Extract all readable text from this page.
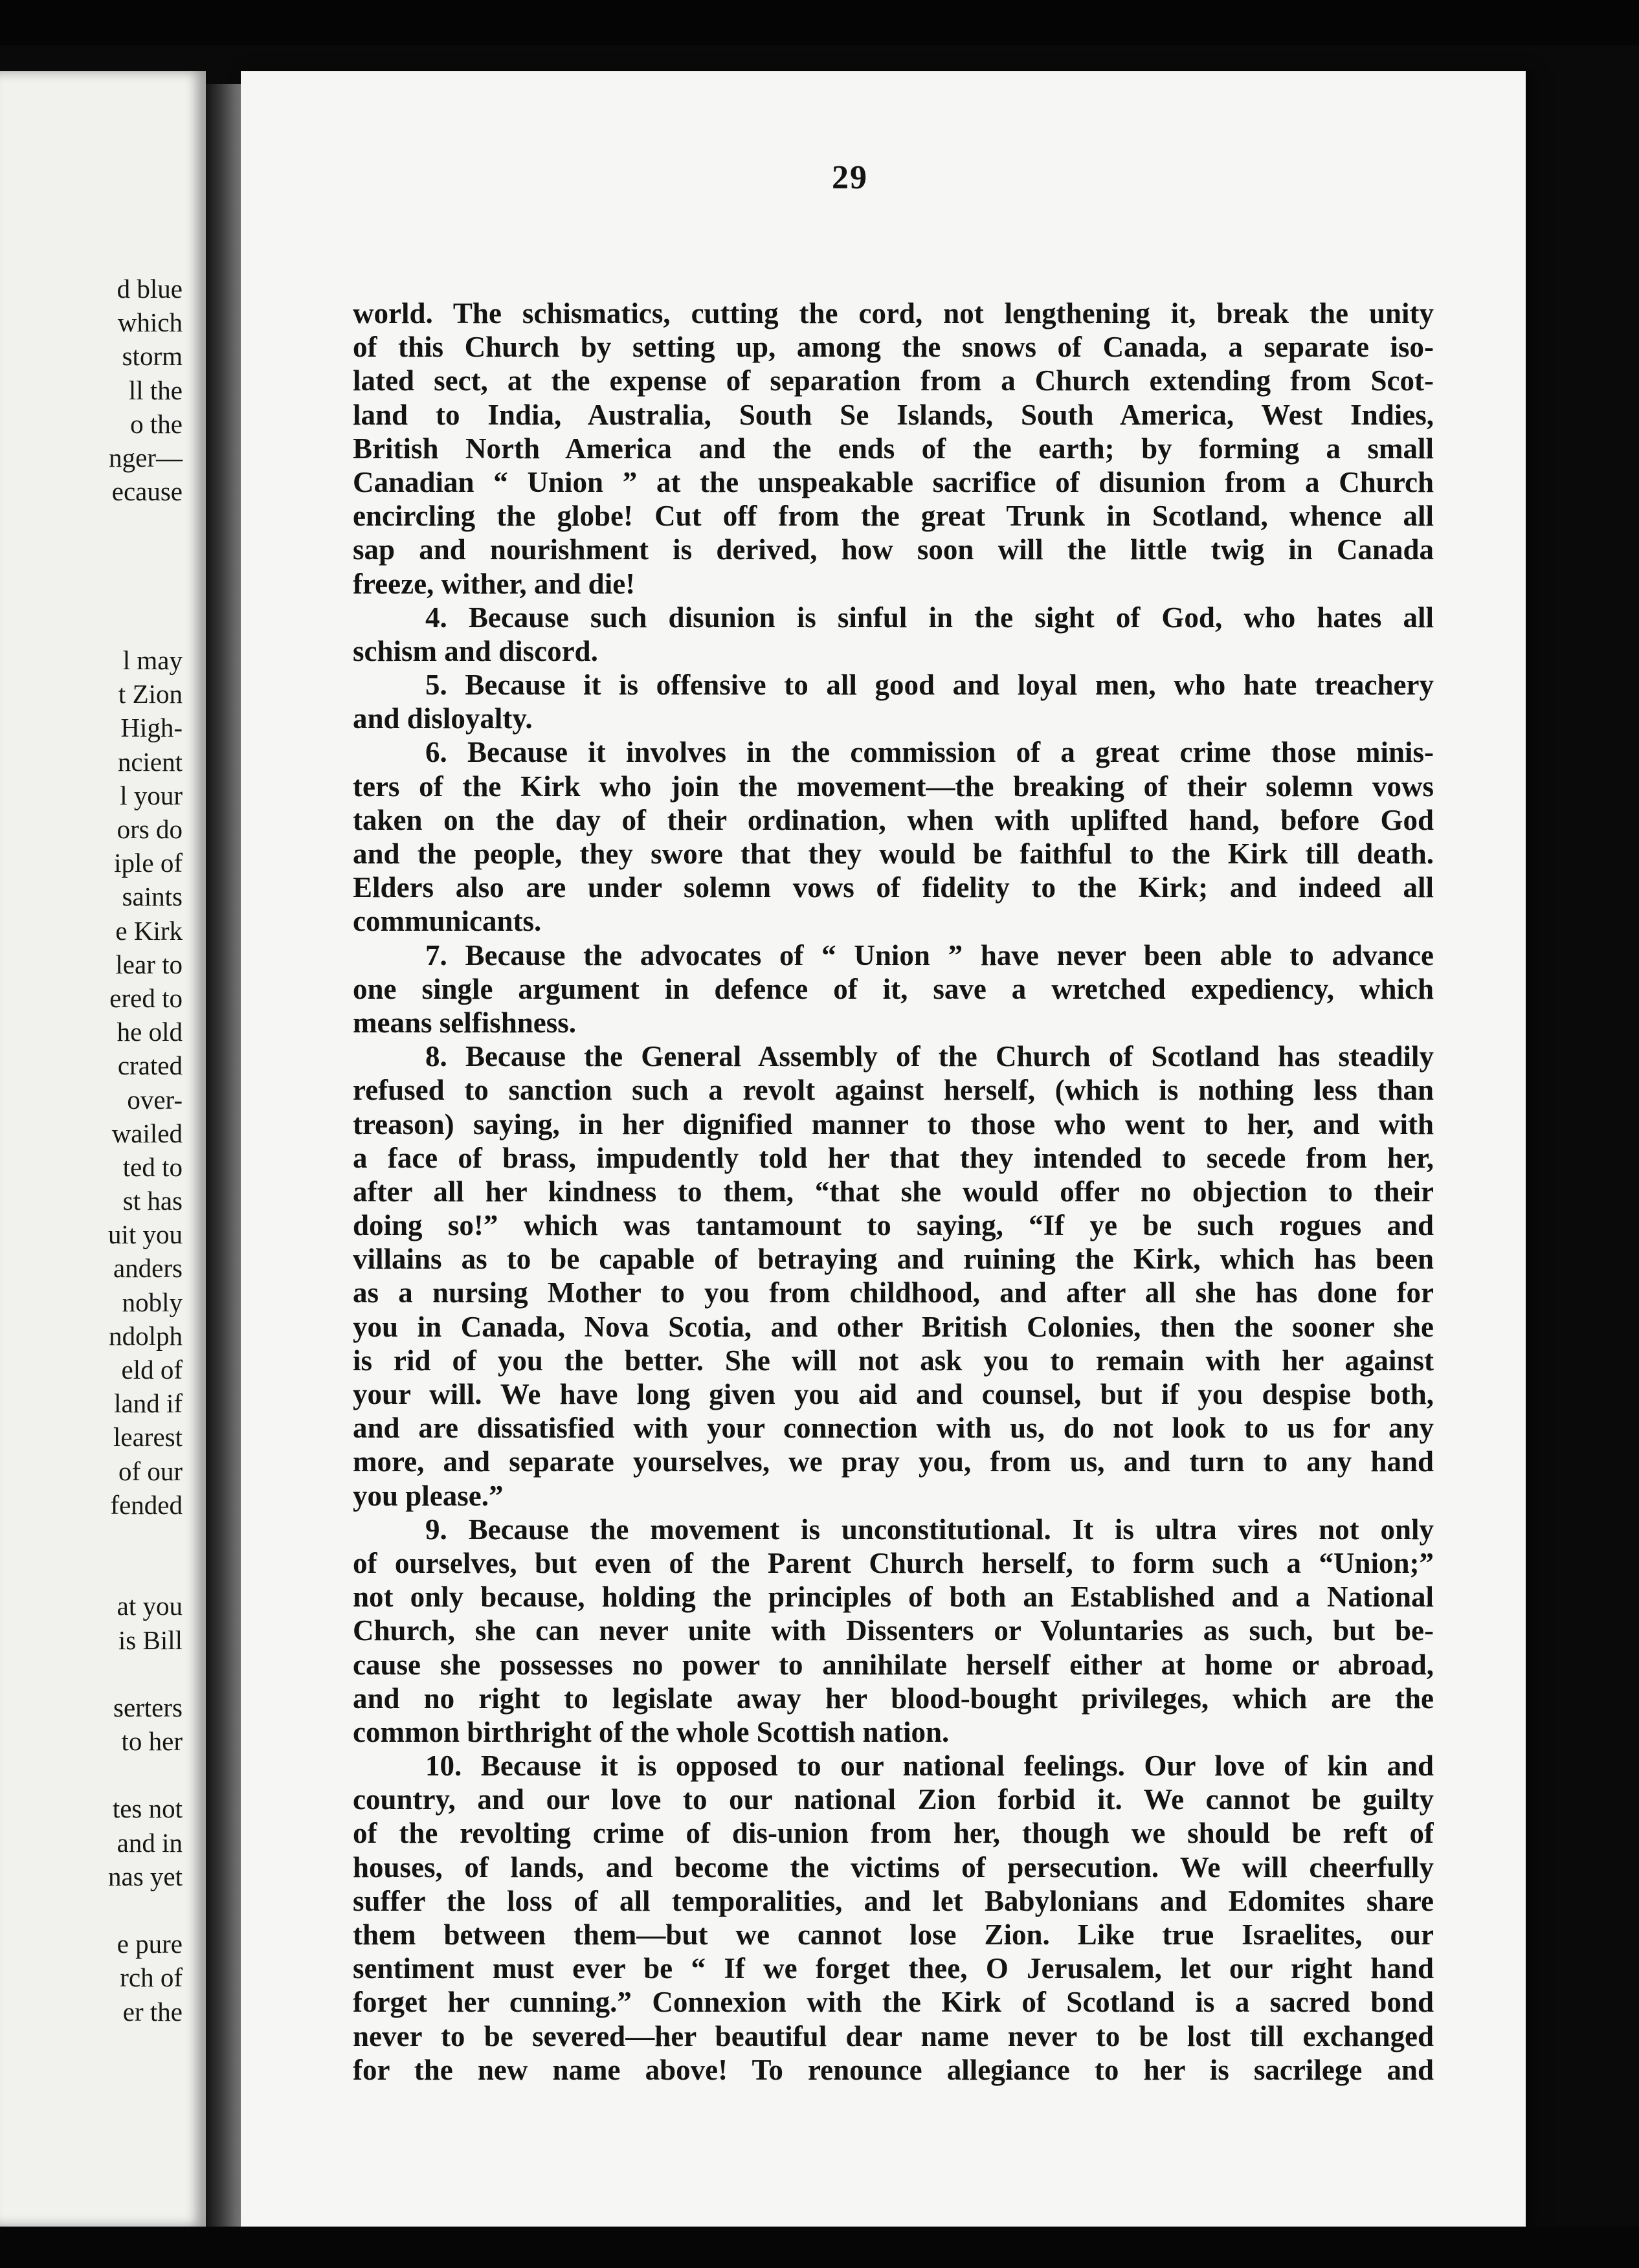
d blue
which
storm
ll the
o the
nger—
ecause
l may
t Zion
High-
ncient
l your
ors do
iple of
saints
e Kirk
lear to
ered to
he old
crated
over-
wailed
ted to
st has
uit you
anders
nobly
ndolph
eld of
land if
learest
of our
fended
at you
is Bill
serters
to her
tes not
and in
nas yet
e pure
rch of
er the
29
world. The schismatics, cutting the cord, not lengthening it, break the unity
of this Church by setting up, among the snows of Canada, a separate iso-
lated sect, at the expense of separation from a Church extending from Scot-
land to India, Australia, South Se Islands, South America, West Indies,
British North America and the ends of the earth; by forming a small
Canadian “ Union ” at the unspeakable sacrifice of disunion from a Church
encircling the globe! Cut off from the great Trunk in Scotland, whence all
sap and nourishment is derived, how soon will the little twig in Canada
freeze, wither, and die!
4. Because such disunion is sinful in the sight of God, who hates all
schism and discord.
5. Because it is offensive to all good and loyal men, who hate treachery
and disloyalty.
6. Because it involves in the commission of a great crime those minis-
ters of the Kirk who join the movement—the breaking of their solemn vows
taken on the day of their ordination, when with uplifted hand, before God
and the people, they swore that they would be faithful to the Kirk till death.
Elders also are under solemn vows of fidelity to the Kirk; and indeed all
communicants.
7. Because the advocates of “ Union ” have never been able to advance
one single argument in defence of it, save a wretched expediency, which
means selfishness.
8. Because the General Assembly of the Church of Scotland has steadily
refused to sanction such a revolt against herself, (which is nothing less than
treason) saying, in her dignified manner to those who went to her, and with
a face of brass, impudently told her that they intended to secede from her,
after all her kindness to them, “that she would offer no objection to their
doing so!” which was tantamount to saying, “If ye be such rogues and
villains as to be capable of betraying and ruining the Kirk, which has been
as a nursing Mother to you from childhood, and after all she has done for
you in Canada, Nova Scotia, and other British Colonies, then the sooner she
is rid of you the better. She will not ask you to remain with her against
your will. We have long given you aid and counsel, but if you despise both,
and are dissatisfied with your connection with us, do not look to us for any
more, and separate yourselves, we pray you, from us, and turn to any hand
you please.”
9. Because the movement is unconstitutional. It is ultra vires not only
of ourselves, but even of the Parent Church herself, to form such a “Union;”
not only because, holding the principles of both an Established and a National
Church, she can never unite with Dissenters or Voluntaries as such, but be-
cause she possesses no power to annihilate herself either at home or abroad,
and no right to legislate away her blood-bought privileges, which are the
common birthright of the whole Scottish nation.
10. Because it is opposed to our national feelings. Our love of kin and
country, and our love to our national Zion forbid it. We cannot be guilty
of the revolting crime of dis-union from her, though we should be reft of
houses, of lands, and become the victims of persecution. We will cheerfully
suffer the loss of all temporalities, and let Babylonians and Edomites share
them between them—but we cannot lose Zion. Like true Israelites, our
sentiment must ever be “ If we forget thee, O Jerusalem, let our right hand
forget her cunning.” Connexion with the Kirk of Scotland is a sacred bond
never to be severed—her beautiful dear name never to be lost till exchanged
for the new name above! To renounce allegiance to her is sacrilege and
